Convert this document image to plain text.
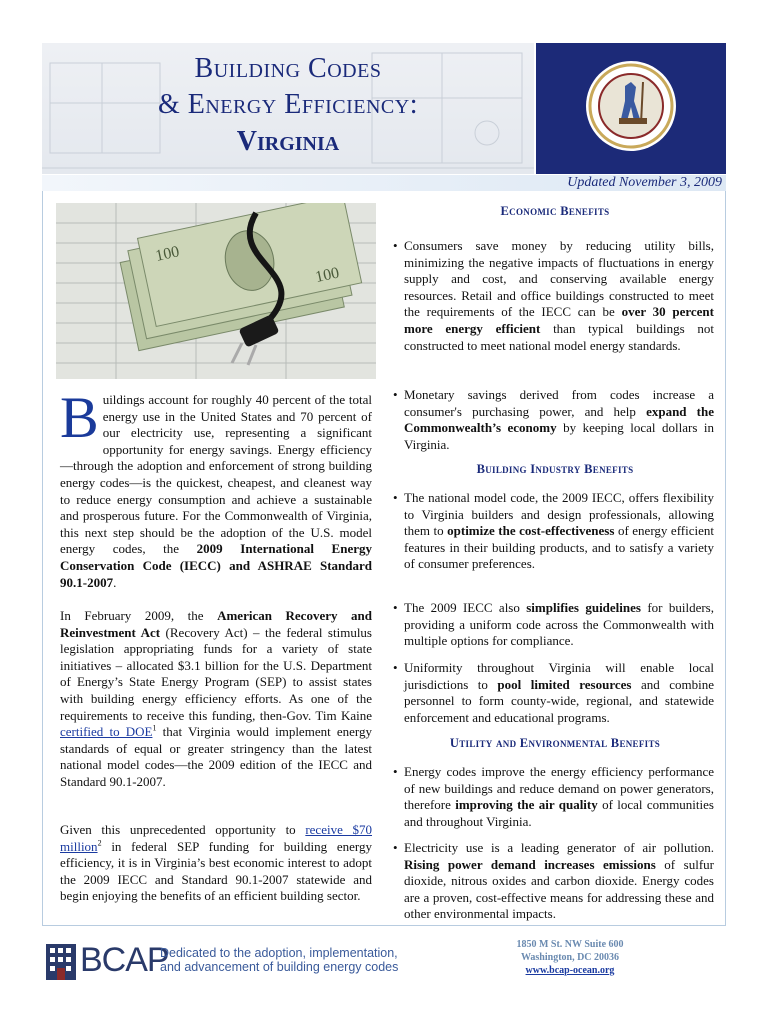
Building Codes
& Energy Efficiency:
Virginia
Updated November 3, 2009
100
100
Buildings account for roughly 40 percent of the total energy use in the United States and 70 percent of our electricity use, representing a significant opportunity for energy savings. Energy efficiency—through the adoption and enforcement of strong building energy codes—is the quickest, cheapest, and cleanest way to reduce energy consumption and achieve a sustainable and prosperous future. For the Commonwealth of Virginia, this next step should be the adoption of the U.S. model energy codes, the 2009 International Energy Conservation Code (IECC) and ASHRAE Standard 90.1-2007.
In February 2009, the American Recovery and Reinvestment Act (Recovery Act) – the federal stimulus legislation appropriating funds for a variety of state initiatives – allocated $3.1 billion for the U.S. Department of Energy’s State Energy Program (SEP) to assist states with building energy efficiency efforts. As one of the requirements to receive this funding, then-Gov. Tim Kaine certified to DOE$^1$ that Virginia would implement energy standards of equal or greater stringency than the latest national model codes—the 2009 edition of the IECC and Standard 90.1-2007.
Given this unprecedented opportunity to receive $70 million$^2$ in federal SEP funding for building energy efficiency, it is in Virginia’s best economic interest to adopt the 2009 IECC and Standard 90.1-2007 statewide and begin enjoying the benefits of an efficient building sector.
Economic Benefits
• Consumers save money by reducing utility bills, minimizing the negative impacts of fluctuations in energy supply and cost, and conserving available energy resources. Retail and office buildings constructed to meet the requirements of the IECC can be over 30 percent more energy efficient than typical buildings not constructed to meet national model energy standards.
• Monetary savings derived from codes increase a consumer's purchasing power, and help expand the Commonwealth’s economy by keeping local dollars in Virginia.
Building Industry Benefits
• The national model code, the 2009 IECC, offers flexibility to Virginia builders and design professionals, allowing them to optimize the cost-effectiveness of energy efficient features in their building products, and to satisfy a variety of consumer preferences.
• The 2009 IECC also simplifies guidelines for builders, providing a uniform code across the Commonwealth with multiple options for compliance.
• Uniformity throughout Virginia will enable local jurisdictions to pool limited resources and combine personnel to form county-wide, regional, and statewide enforcement and educational programs.
Utility and Environmental Benefits
• Energy codes improve the energy efficiency performance of new buildings and reduce demand on power generators, therefore improving the air quality of local communities and throughout Virginia.
• Electricity use is a leading generator of air pollution. Rising power demand increases emissions of sulfur dioxide, nitrous oxides and carbon dioxide. Energy codes are a proven, cost-effective means for addressing these and other environmental impacts.
BCAP
Dedicated to the adoption, implementation,
and advancement of building energy codes
1850 M St. NW Suite 600
Washington, DC 20036
www.bcap-ocean.org
